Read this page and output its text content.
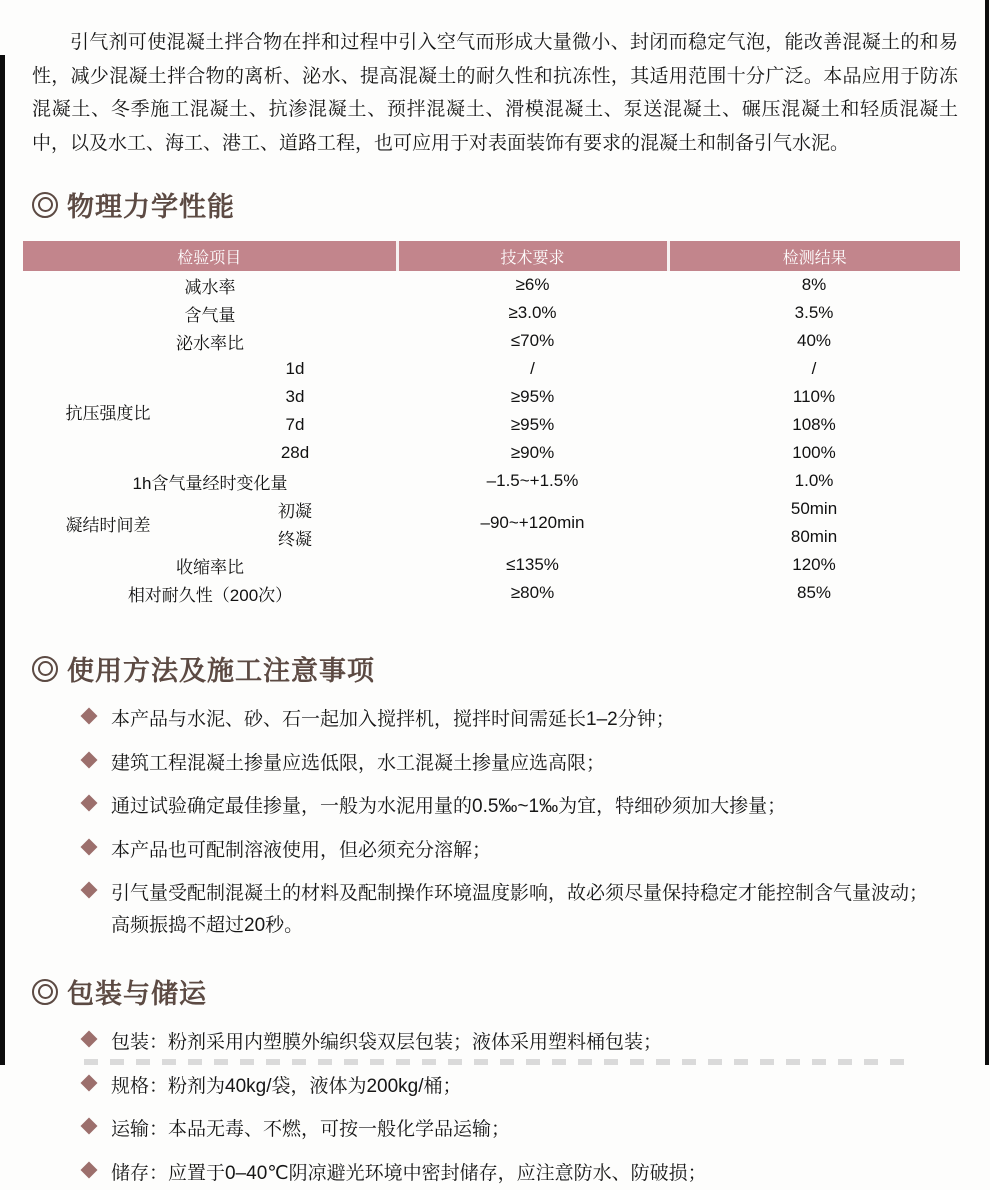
引气剂可使混凝土拌合物在拌和过程中引入空气而形成大量微小、封闭而稳定气泡，能改善混凝土的和易性，减少混凝土拌合物的离析、泌水、提高混凝土的耐久性和抗冻性，其适用范围十分广泛。本品应用于防冻混凝土、冬季施工混凝土、抗渗混凝土、预拌混凝土、滑模混凝土、泵送混凝土、碾压混凝土和轻质混凝土中，以及水工、海工、港工、道路工程，也可应用于对表面装饰有要求的混凝土和制备引气水泥。

物理力学性能
检验项目		技术要求	检测结果
减水率		≥6%	8%
含气量		≥3.0%	3.5%
泌水率比		≤70%	40%
抗压强度比	1d	/	/
	3d	≥95%	110%
	7d	≥95%	108%
	28d	≥90%	100%
1h含气量经时变化量		–1.5~+1.5%	1.0%
凝结时间差	初凝	–90~+120min	50min
	终凝		80min
收缩率比		≤135%	120%
相对耐久性（200次）		≥80%	85%
使用方法及施工注意事项
本产品与水泥、砂、石一起加入搅拌机，搅拌时间需延长1–2分钟；
建筑工程混凝土掺量应选低限，水工混凝土掺量应选高限；
通过试验确定最佳掺量，一般为水泥用量的0.5‰~1‰为宜，特细砂须加大掺量；
本产品也可配制溶液使用，但必须充分溶解；
引气量受配制混凝土的材料及配制操作环境温度影响，故必须尽量保持稳定才能控制含气量波动；
高频振捣不超过20秒。
包装与储运
包装：粉剂采用内塑膜外编织袋双层包装；液体采用塑料桶包装；
规格：粉剂为40kg/袋，液体为200kg/桶；
运输：本品无毒、不燃，可按一般化学品运输；
储存：应置于0–40℃阴凉避光环境中密封储存，应注意防水、防破损；
